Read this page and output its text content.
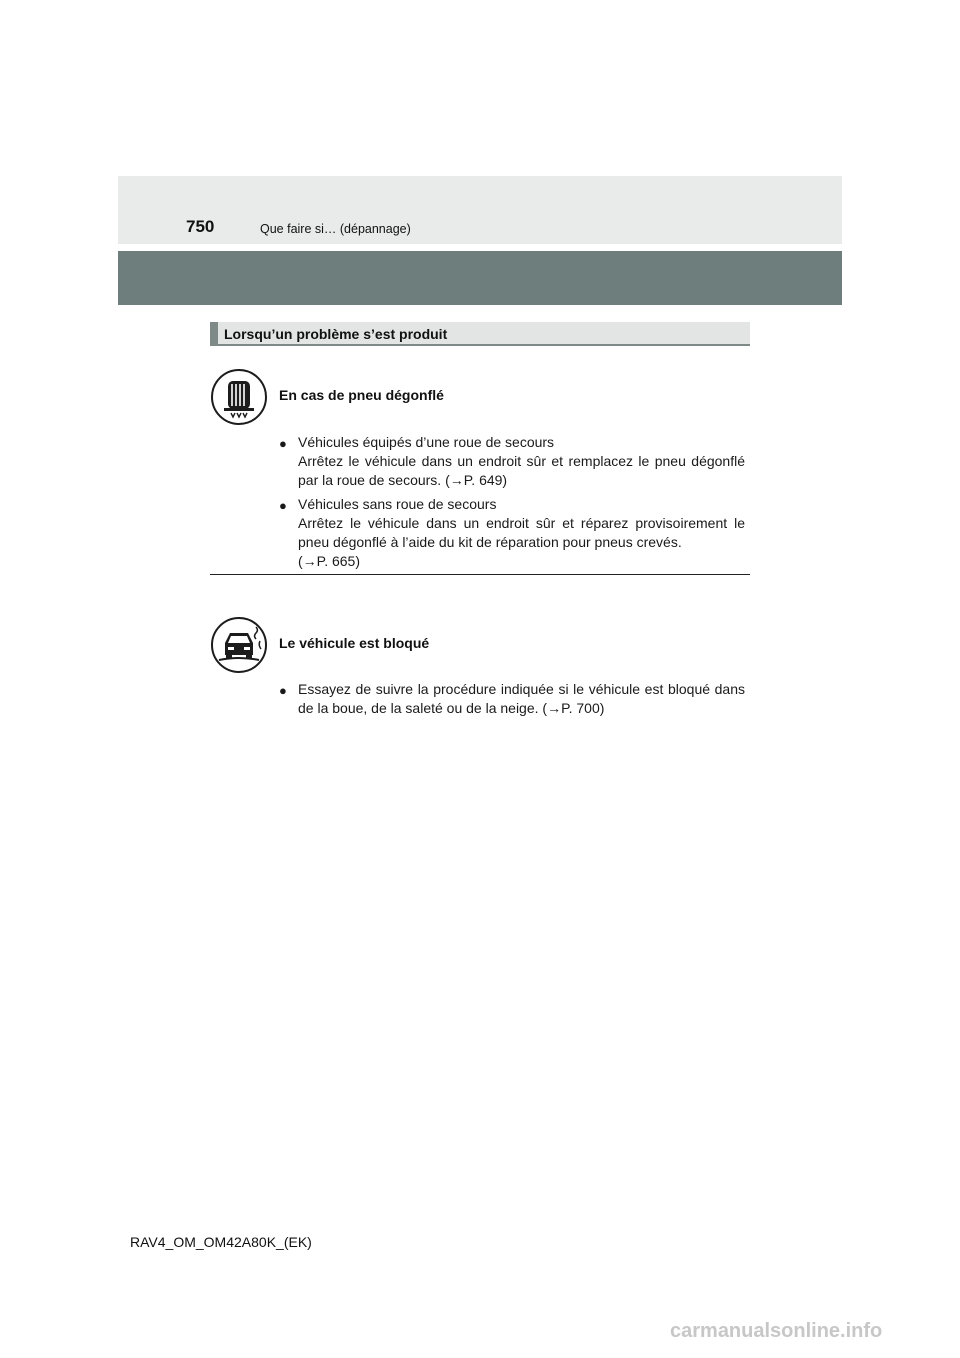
750	Que faire si… (dépannage)
Lorsqu’un problème s’est produit
En cas de pneu dégonflé
● Véhicules équipés d’une roue de secours
Arrêtez le véhicule dans un endroit sûr et remplacez le pneu dégonflé par la roue de secours. (→P. 649)
● Véhicules sans roue de secours
Arrêtez le véhicule dans un endroit sûr et réparez provisoirement le pneu dégonflé à l’aide du kit de réparation pour pneus crevés.
(→P. 665)
Le véhicule est bloqué
● Essayez de suivre la procédure indiquée si le véhicule est bloqué dans de la boue, de la saleté ou de la neige. (→P. 700)
RAV4_OM_OM42A80K_(EK)
carmanualsonline.info
